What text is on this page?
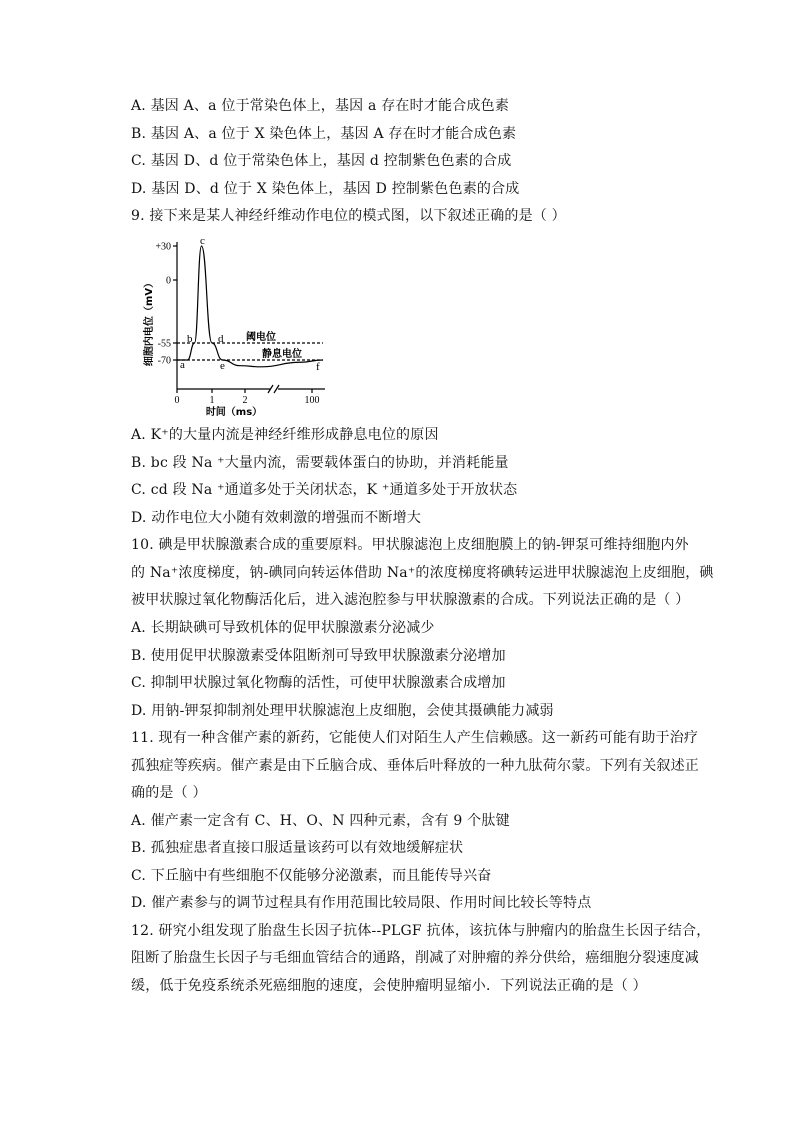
A. 基因 A、a 位于常染色体上，基因 a 存在时才能合成色素
B. 基因 A、a 位于 X 染色体上，基因 A 存在时才能合成色素
C. 基因 D、d 位于常染色体上，基因 d 控制紫色色素的合成
D. 基因 D、d 位于 X 染色体上，基因 D 控制紫色色素的合成
9. 接下来是某人神经纤维动作电位的模式图，以下叙述正确的是（ ）
细胞内电位（mV）
+30
0
-55
-70
0	1	2	100
阈电位
静息电位
a
b
c
d
e	f
时间（ms）
A. K⁺的大量内流是神经纤维形成静息电位的原因
B. bc 段 Na ⁺大量内流，需要载体蛋白的协助，并消耗能量
C. cd 段 Na ⁺通道多处于关闭状态，K ⁺通道多处于开放状态
D. 动作电位大小随有效刺激的增强而不断增大
10. 碘是甲状腺激素合成的重要原料。甲状腺滤泡上皮细胞膜上的钠-钾泵可维持细胞内外
的 Na⁺浓度梯度，钠-碘同向转运体借助 Na⁺的浓度梯度将碘转运进甲状腺滤泡上皮细胞，碘
被甲状腺过氧化物酶活化后，进入滤泡腔参与甲状腺激素的合成。下列说法正确的是（ ）
A. 长期缺碘可导致机体的促甲状腺激素分泌减少
B. 使用促甲状腺激素受体阻断剂可导致甲状腺激素分泌增加
C. 抑制甲状腺过氧化物酶的活性，可使甲状腺激素合成增加
D. 用钠-钾泵抑制剂处理甲状腺滤泡上皮细胞，会使其摄碘能力减弱
11. 现有一种含催产素的新药，它能使人们对陌生人产生信赖感。这一新药可能有助于治疗
孤独症等疾病。催产素是由下丘脑合成、垂体后叶释放的一种九肽荷尔蒙。下列有关叙述正
确的是（ ）
A. 催产素一定含有 C、H、O、N 四种元素，含有 9 个肽键
B. 孤独症患者直接口服适量该药可以有效地缓解症状
C. 下丘脑中有些细胞不仅能够分泌激素，而且能传导兴奋
D. 催产素参与的调节过程具有作用范围比较局限、作用时间比较长等特点
12. 研究小组发现了胎盘生长因子抗体--PLGF 抗体，该抗体与肿瘤内的胎盘生长因子结合，
阻断了胎盘生长因子与毛细血管结合的通路，削减了对肿瘤的养分供给，癌细胞分裂速度减
缓，低于免疫系统杀死癌细胞的速度，会使肿瘤明显缩小．下列说法正确的是（ ）
